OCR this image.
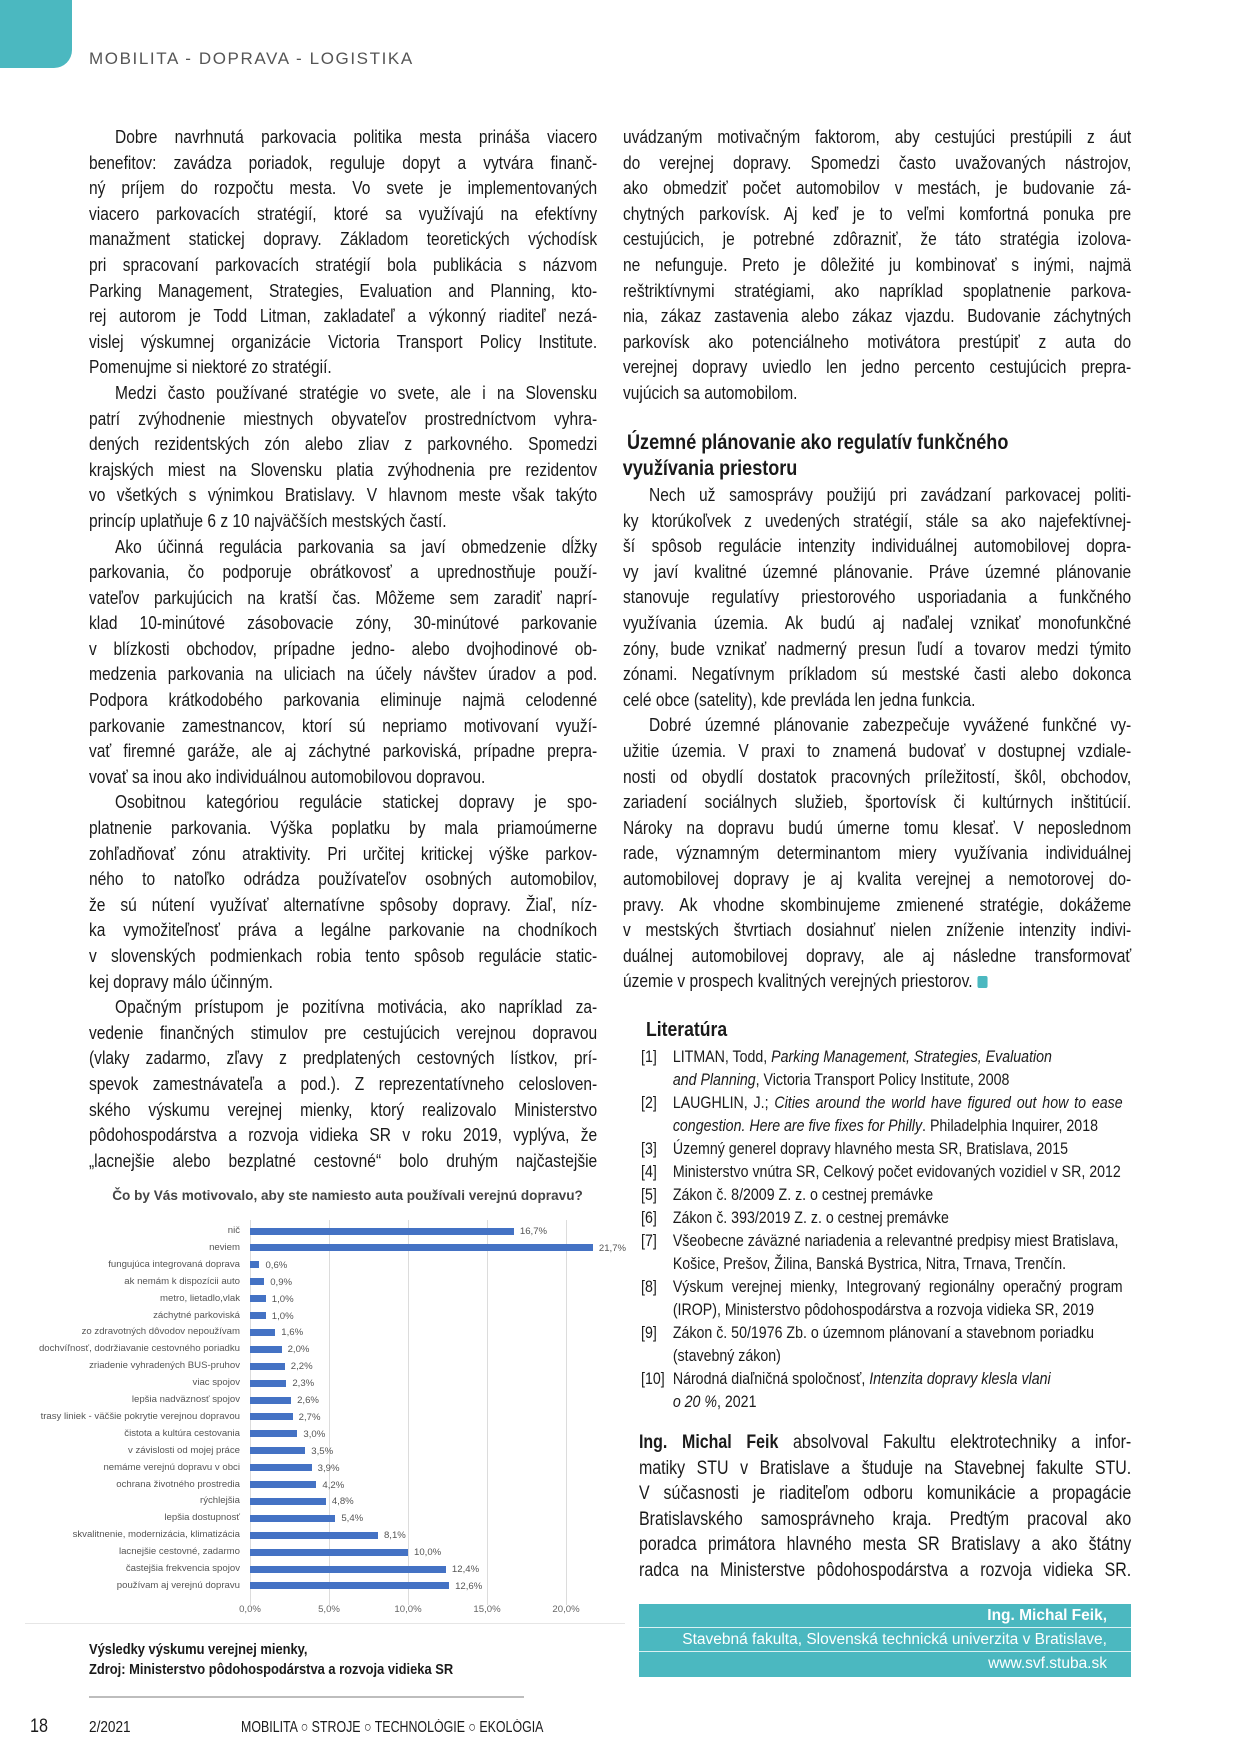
MOBILITA - DOPRAVA - LOGISTIKA
Dobre navrhnutá parkovacia politika mesta prináša viacero
benefitov: zavádza poriadok, reguluje dopyt a vytvára finanč-
ný príjem do rozpočtu mesta. Vo svete je implementovaných
viacero parkovacích stratégií, ktoré sa využívajú na efektívny
manažment statickej dopravy. Základom teoretických východísk
pri spracovaní parkovacích stratégií bola publikácia s názvom
Parking Management, Strategies, Evaluation and Planning, kto-
rej autorom je Todd Litman, zakladateľ a výkonný riaditeľ nezá-
vislej výskumnej organizácie Victoria Transport Policy Institute.
Pomenujme si niektoré zo stratégií.
Medzi často používané stratégie vo svete, ale i na Slovensku
patrí zvýhodnenie miestnych obyvateľov prostredníctvom vyhra-
dených rezidentských zón alebo zliav z parkovného. Spomedzi
krajských miest na Slovensku platia zvýhodnenia pre rezidentov
vo všetkých s výnimkou Bratislavy. V hlavnom meste však takýto
princíp uplatňuje 6 z 10 najväčších mestských častí.
Ako účinná regulácia parkovania sa javí obmedzenie dĺžky
parkovania, čo podporuje obrátkovosť a uprednostňuje použí-
vateľov parkujúcich na kratší čas. Môžeme sem zaradiť naprí-
klad 10-minútové zásobovacie zóny, 30-minútové parkovanie
v blízkosti obchodov, prípadne jedno- alebo dvojhodinové ob-
medzenia parkovania na uliciach na účely návštev úradov a pod.
Podpora krátkodobého parkovania eliminuje najmä celodenné
parkovanie zamestnancov, ktorí sú nepriamo motivovaní využí-
vať firemné garáže, ale aj záchytné parkoviská, prípadne prepra-
vovať sa inou ako individuálnou automobilovou dopravou.
Osobitnou kategóriou regulácie statickej dopravy je spo-
platnenie parkovania. Výška poplatku by mala priamoúmerne
zohľadňovať zónu atraktivity. Pri určitej kritickej výške parkov-
ného to natoľko odrádza používateľov osobných automobilov,
že sú nútení využívať alternatívne spôsoby dopravy. Žiaľ, níz-
ka vymožiteľnosť práva a legálne parkovanie na chodníkoch
v slovenských podmienkach robia tento spôsob regulácie static-
kej dopravy málo účinným.
Opačným prístupom je pozitívna motivácia, ako napríklad za-
vedenie finančných stimulov pre cestujúcich verejnou dopravou
(vlaky zadarmo, zľavy z predplatených cestovných lístkov, prí-
spevok zamestnávateľa a pod.). Z reprezentatívneho celosloven-
ského výskumu verejnej mienky, ktorý realizovalo Ministerstvo
pôdohospodárstva a rozvoja vidieka SR v roku 2019, vyplýva, že
„lacnejšie alebo bezplatné cestovné“ bolo druhým najčastejšie
uvádzaným motivačným faktorom, aby cestujúci prestúpili z áut
do verejnej dopravy. Spomedzi často uvažovaných nástrojov,
ako obmedziť počet automobilov v mestách, je budovanie zá-
chytných parkovísk. Aj keď je to veľmi komfortná ponuka pre
cestujúcich, je potrebné zdôrazniť, že táto stratégia izolova-
ne nefunguje. Preto je dôležité ju kombinovať s inými, najmä
reštriktívnymi stratégiami, ako napríklad spoplatnenie parkova-
nia, zákaz zastavenia alebo zákaz vjazdu. Budovanie záchytných
parkovísk ako potenciálneho motivátora prestúpiť z auta do
verejnej dopravy uviedlo len jedno percento cestujúcich prepra-
vujúcich sa automobilom.
Územné plánovanie ako regulatív funkčného
využívania priestoru
Nech už samosprávy použijú pri zavádzaní parkovacej politi-
ky ktorúkoľvek z uvedených stratégií, stále sa ako najefektívnej-
ší spôsob regulácie intenzity individuálnej automobilovej dopra-
vy javí kvalitné územné plánovanie. Práve územné plánovanie
stanovuje regulatívy priestorového usporiadania a funkčného
využívania územia. Ak budú aj naďalej vznikať monofunkčné
zóny, bude vznikať nadmerný presun ľudí a tovarov medzi týmito
zónami. Negatívnym príkladom sú mestské časti alebo dokonca
celé obce (satelity), kde prevláda len jedna funkcia.
Dobré územné plánovanie zabezpečuje vyvážené funkčné vy-
užitie územia. V praxi to znamená budovať v dostupnej vzdiale-
nosti od obydlí dostatok pracovných príležitostí, škôl, obchodov,
zariadení sociálnych služieb, športovísk či kultúrnych inštitúcií.
Nároky na dopravu budú úmerne tomu klesať. V neposlednom
rade, významným determinantom miery využívania individuálnej
automobilovej dopravy je aj kvalita verejnej a nemotorovej do-
pravy. Ak vhodne skombinujeme zmienené stratégie, dokážeme
v mestských štvrtiach dosiahnuť nielen zníženie intenzity indivi-
duálnej automobilovej dopravy, ale aj následne transformovať
územie v prospech kvalitných verejných priestorov.
Literatúra
[1] LITMAN, Todd, Parking Management, Strategies, Evaluation
and Planning, Victoria Transport Policy Institute, 2008
[2] LAUGHLIN, J.; Cities around the world have figured out how to ease
congestion. Here are five fixes for Philly. Philadelphia Inquirer, 2018
[3] Územný generel dopravy hlavného mesta SR, Bratislava, 2015
[4] Ministerstvo vnútra SR, Celkový počet evidovaných vozidiel v SR, 2012
[5] Zákon č. 8/2009 Z. z. o cestnej premávke
[6] Zákon č. 393/2019 Z. z. o cestnej premávke
[7] Všeobecne záväzné nariadenia a relevantné predpisy miest Bratislava,
Košice, Prešov, Žilina, Banská Bystrica, Nitra, Trnava, Trenčín.
[8] Výskum verejnej mienky, Integrovaný regionálny operačný program
(IROP), Ministerstvo pôdohospodárstva a rozvoja vidieka SR, 2019
[9] Zákon č. 50/1976 Zb. o územnom plánovaní a stavebnom poriadku
(stavebný zákon)
[10] Národná diaľničná spoločnosť, Intenzita dopravy klesla vlani
o 20 %, 2021
Ing. Michal Feik absolvoval Fakultu elektrotechniky a infor-
matiky STU v Bratislave a študuje na Stavebnej fakulte STU.
V súčasnosti je riaditeľom odboru komunikácie a propagácie
Bratislavského samosprávneho kraja. Predtým pracoval ako
poradca primátora hlavného mesta SR Bratislavy a ako štátny
radca na Ministerstve pôdohospodárstva a rozvoja vidieka SR.
Ing. Michal Feik,
Stavebná fakulta, Slovenská technická univerzita v Bratislave,
www.svf.stuba.sk
Čo by Vás motivovalo, aby ste namiesto auta používali verejnú dopravu?
0,0%	5,0%	10,0%	15,0%	20,0%
nič	16,7%
neviem	21,7%
fungujúca integrovaná doprava	0,6%
ak nemám k dispozícii auto	0,9%
metro, lietadlo,vlak	1,0%
záchytné parkoviská	1,0%
zo zdravotných dôvodov nepoužívam	1,6%
dochvíľnosť, dodržiavanie cestovného poriadku	2,0%
zriadenie vyhradených BUS-pruhov	2,2%
viac spojov	2,3%
lepšia nadväznosť spojov	2,6%
trasy liniek - väčšie pokrytie verejnou dopravou	2,7%
čistota a kultúra cestovania	3,0%
v závislosti od mojej práce	3,5%
nemáme verejnú dopravu v obci	3,9%
ochrana životného prostredia	4,2%
rýchlejšia	4,8%
lepšia dostupnosť	5,4%
skvalitnenie, modernizácia, klimatizácia	8,1%
lacnejšie cestovné, zadarmo	10,0%
častejšia frekvencia spojov	12,4%
používam aj verejnú dopravu	12,6%
Výsledky výskumu verejnej mienky,
Zdroj: Ministerstvo pôdohospodárstva a rozvoja vidieka SR
18	2/2021	MOBILITA ○ STROJE ○ TECHNOLÓGIE ○ EKOLÓGIA
